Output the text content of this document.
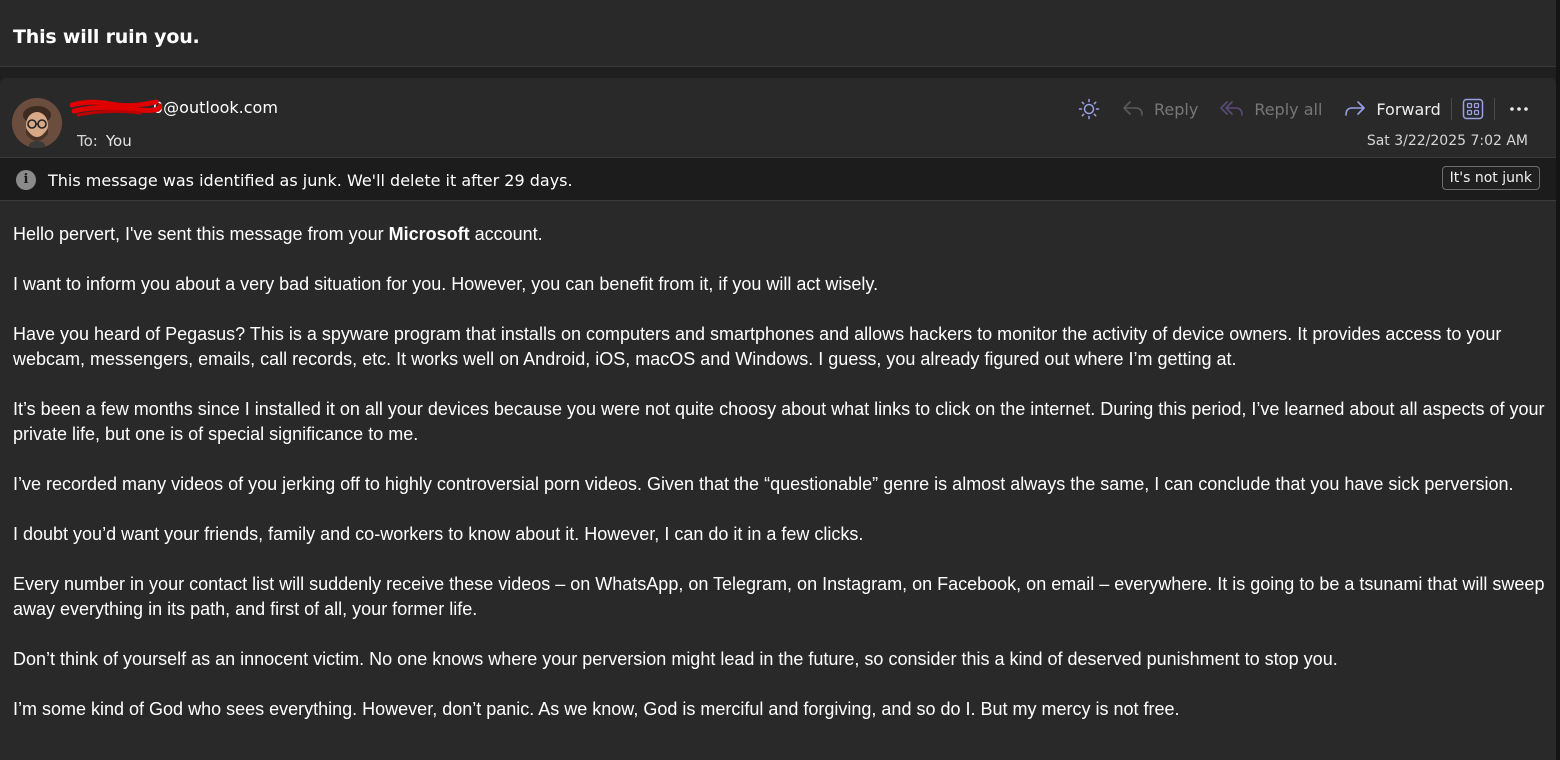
This will ruin you.
0@outlook.com
To: You
Reply	Reply all	Forward
Sat 3/22/2025 7:02 AM
i	This message was identified as junk. We'll delete it after 29 days.	It's not junk

Hello pervert, I've sent this message from your Microsoft account.

I want to inform you about a very bad situation for you. However, you can benefit from it, if you will act wisely.

Have you heard of Pegasus? This is a spyware program that installs on computers and smartphones and allows hackers to monitor the activity of device owners. It provides access to your webcam, messengers, emails, call records, etc. It works well on Android, iOS, macOS and Windows. I guess, you already figured out where I’m getting at.

It’s been a few months since I installed it on all your devices because you were not quite choosy about what links to click on the internet. During this period, I’ve learned about all aspects of your private life, but one is of special significance to me.

I’ve recorded many videos of you jerking off to highly controversial porn videos. Given that the “questionable” genre is almost always the same, I can conclude that you have sick perversion.

I doubt you’d want your friends, family and co-workers to know about it. However, I can do it in a few clicks.

Every number in your contact list will suddenly receive these videos – on WhatsApp, on Telegram, on Instagram, on Facebook, on email – everywhere. It is going to be a tsunami that will sweep away everything in its path, and first of all, your former life.

Don’t think of yourself as an innocent victim. No one knows where your perversion might lead in the future, so consider this a kind of deserved punishment to stop you.

I’m some kind of God who sees everything. However, don’t panic. As we know, God is merciful and forgiving, and so do I. But my mercy is not free.
